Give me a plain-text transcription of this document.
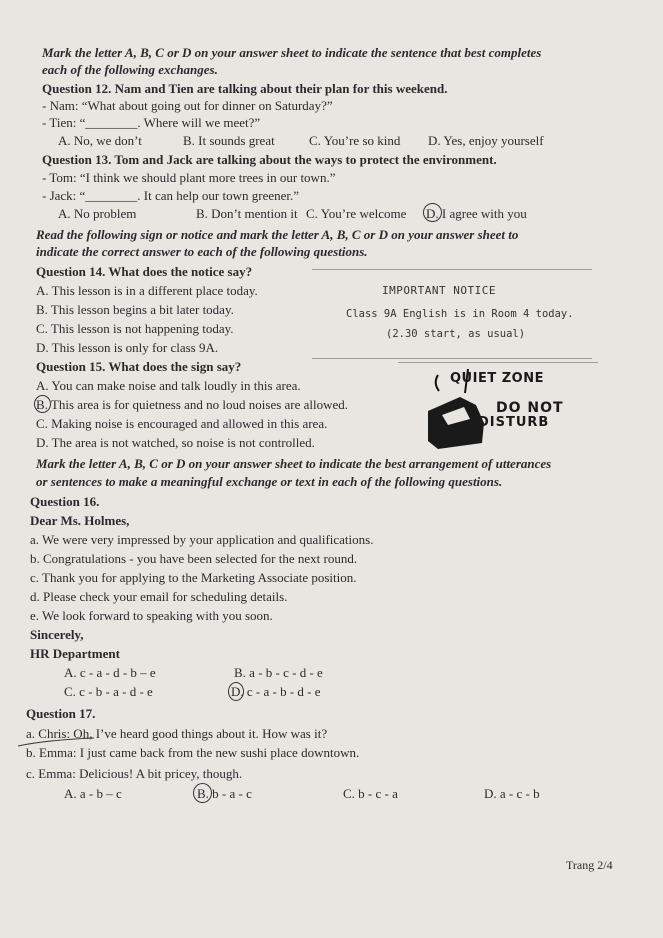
Mark the letter A, B, C or D on your answer sheet to indicate the sentence that best completes
each of the following exchanges.
Question 12. Nam and Tien are talking about their plan for this weekend.
- Nam: “What about going out for dinner on Saturday?”
- Tien: “________. Where will we meet?”
A. No, we don’t	B. It sounds great	C. You’re so kind D. Yes, enjoy yourself
Question 13. Tom and Jack are talking about the ways to protect the environment.
- Tom: “I think we should plant more trees in our town.”
- Jack: “________. It can help our town greener.”
A. No problem	B. Don’t mention it C. You’re welcome D. I agree with you
Read the following sign or notice and mark the letter A, B, C or D on your answer sheet to
indicate the correct answer to each of the following questions.
Question 14. What does the notice say?
A. This lesson is in a different place today.
B. This lesson begins a bit later today.
C. This lesson is not happening today.
D. This lesson is only for class 9A.
IMPORTANT NOTICE
Class 9A English is in Room 4 today.
(2.30 start, as usual)
Question 15. What does the sign say?
A. You can make noise and talk loudly in this area.
B. This area is for quietness and no loud noises are allowed.
C. Making noise is encouraged and allowed in this area.
D. The area is not watched, so noise is not controlled.
QUIET ZONE
DO NOT
DISTURB
Mark the letter A, B, C or D on your answer sheet to indicate the best arrangement of utterances
or sentences to make a meaningful exchange or text in each of the following questions.
Question 16.
Dear Ms. Holmes,
a. We were very impressed by your application and qualifications.
b. Congratulations - you have been selected for the next round.
c. Thank you for applying to the Marketing Associate position.
d. Please check your email for scheduling details.
e. We look forward to speaking with you soon.
Sincerely,
HR Department
A. c - a - d - b – e	B. a - b - c - d - e
C. c - b - a - d - e	D. c - a - b - d - e
Question 17.
a. Chris: Oh, I’ve heard good things about it. How was it?
b. Emma: I just came back from the new sushi place downtown.
c. Emma: Delicious! A bit pricey, though.
A. a - b – c	B. b - a - c	C. b - c - a	D. a - c - b
Trang 2/4
